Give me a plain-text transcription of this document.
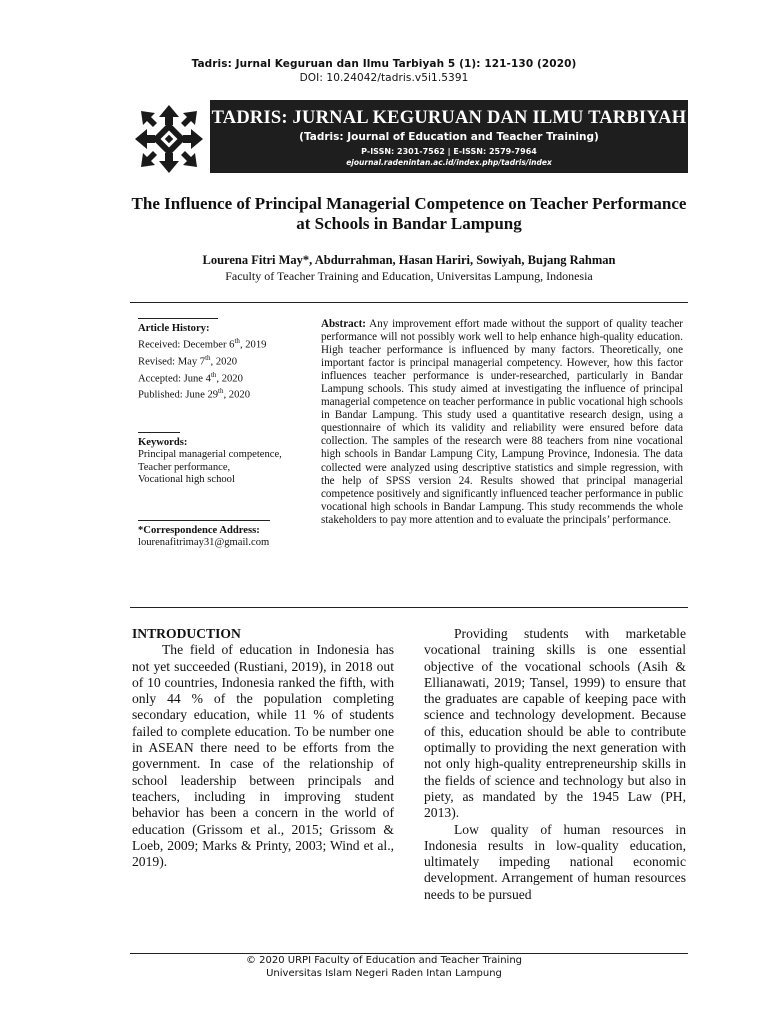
Tadris: Jurnal Keguruan dan Ilmu Tarbiyah 5 (1): 121-130 (2020)
DOI: 10.24042/tadris.v5i1.5391
TADRIS: JURNAL KEGURUAN DAN ILMU TARBIYAH
(Tadris: Journal of Education and Teacher Training)
P-ISSN: 2301-7562 | E-ISSN: 2579-7964
ejournal.radenintan.ac.id/index.php/tadris/index
The Influence of Principal Managerial Competence on Teacher Performance at Schools in Bandar Lampung
Lourena Fitri May*, Abdurrahman, Hasan Hariri, Sowiyah, Bujang Rahman
Faculty of Teacher Training and Education, Universitas Lampung, Indonesia
Article History:
Received: December 6th, 2019
Revised: May 7th, 2020
Accepted: June 4th, 2020
Published: June 29th, 2020
Keywords:
Principal managerial competence,
Teacher performance,
Vocational high school
*Correspondence Address:
lourenafitrimay31@gmail.com
Abstract: Any improvement effort made without the support of quality teacher performance will not possibly work well to help enhance high-quality education. High teacher performance is influenced by many factors. Theoretically, one important factor is principal managerial competency. However, how this factor influences teacher performance is under-researched, particularly in Bandar Lampung schools. This study aimed at investigating the influence of principal managerial competence on teacher performance in public vocational high schools in Bandar Lampung. This study used a quantitative research design, using a questionnaire of which its validity and reliability were ensured before data collection. The samples of the research were 88 teachers from nine vocational high schools in Bandar Lampung City, Lampung Province, Indonesia. The data collected were analyzed using descriptive statistics and simple regression, with the help of SPSS version 24. Results showed that principal managerial competence positively and significantly influenced teacher performance in public vocational high schools in Bandar Lampung. This study recommends the whole stakeholders to pay more attention and to evaluate the principals’ performance.
INTRODUCTION

The field of education in Indonesia has not yet succeeded (Rustiani, 2019), in 2018 out of 10 countries, Indonesia ranked the fifth, with only 44 % of the population completing secondary education, while 11 % of students failed to complete education. To be number one in ASEAN there need to be efforts from the government. In case of the relationship of school leadership between principals and teachers, including in improving student behavior has been a concern in the world of education (Grissom et al., 2015; Grissom & Loeb, 2009; Marks & Printy, 2003; Wind et al., 2019).

Providing students with marketable vocational training skills is one essential objective of the vocational schools (Asih & Ellianawati, 2019; Tansel, 1999) to ensure that the graduates are capable of keeping pace with science and technology development. Because of this, education should be able to contribute optimally to providing the next generation with not only high-quality entrepreneurship skills in the fields of science and technology but also in piety, as mandated by the 1945 Law (PH, 2013).

Low quality of human resources in Indonesia results in low-quality education, ultimately impeding national economic development. Arrangement of human resources needs to be pursued

© 2020 URPI Faculty of Education and Teacher Training
Universitas Islam Negeri Raden Intan Lampung
